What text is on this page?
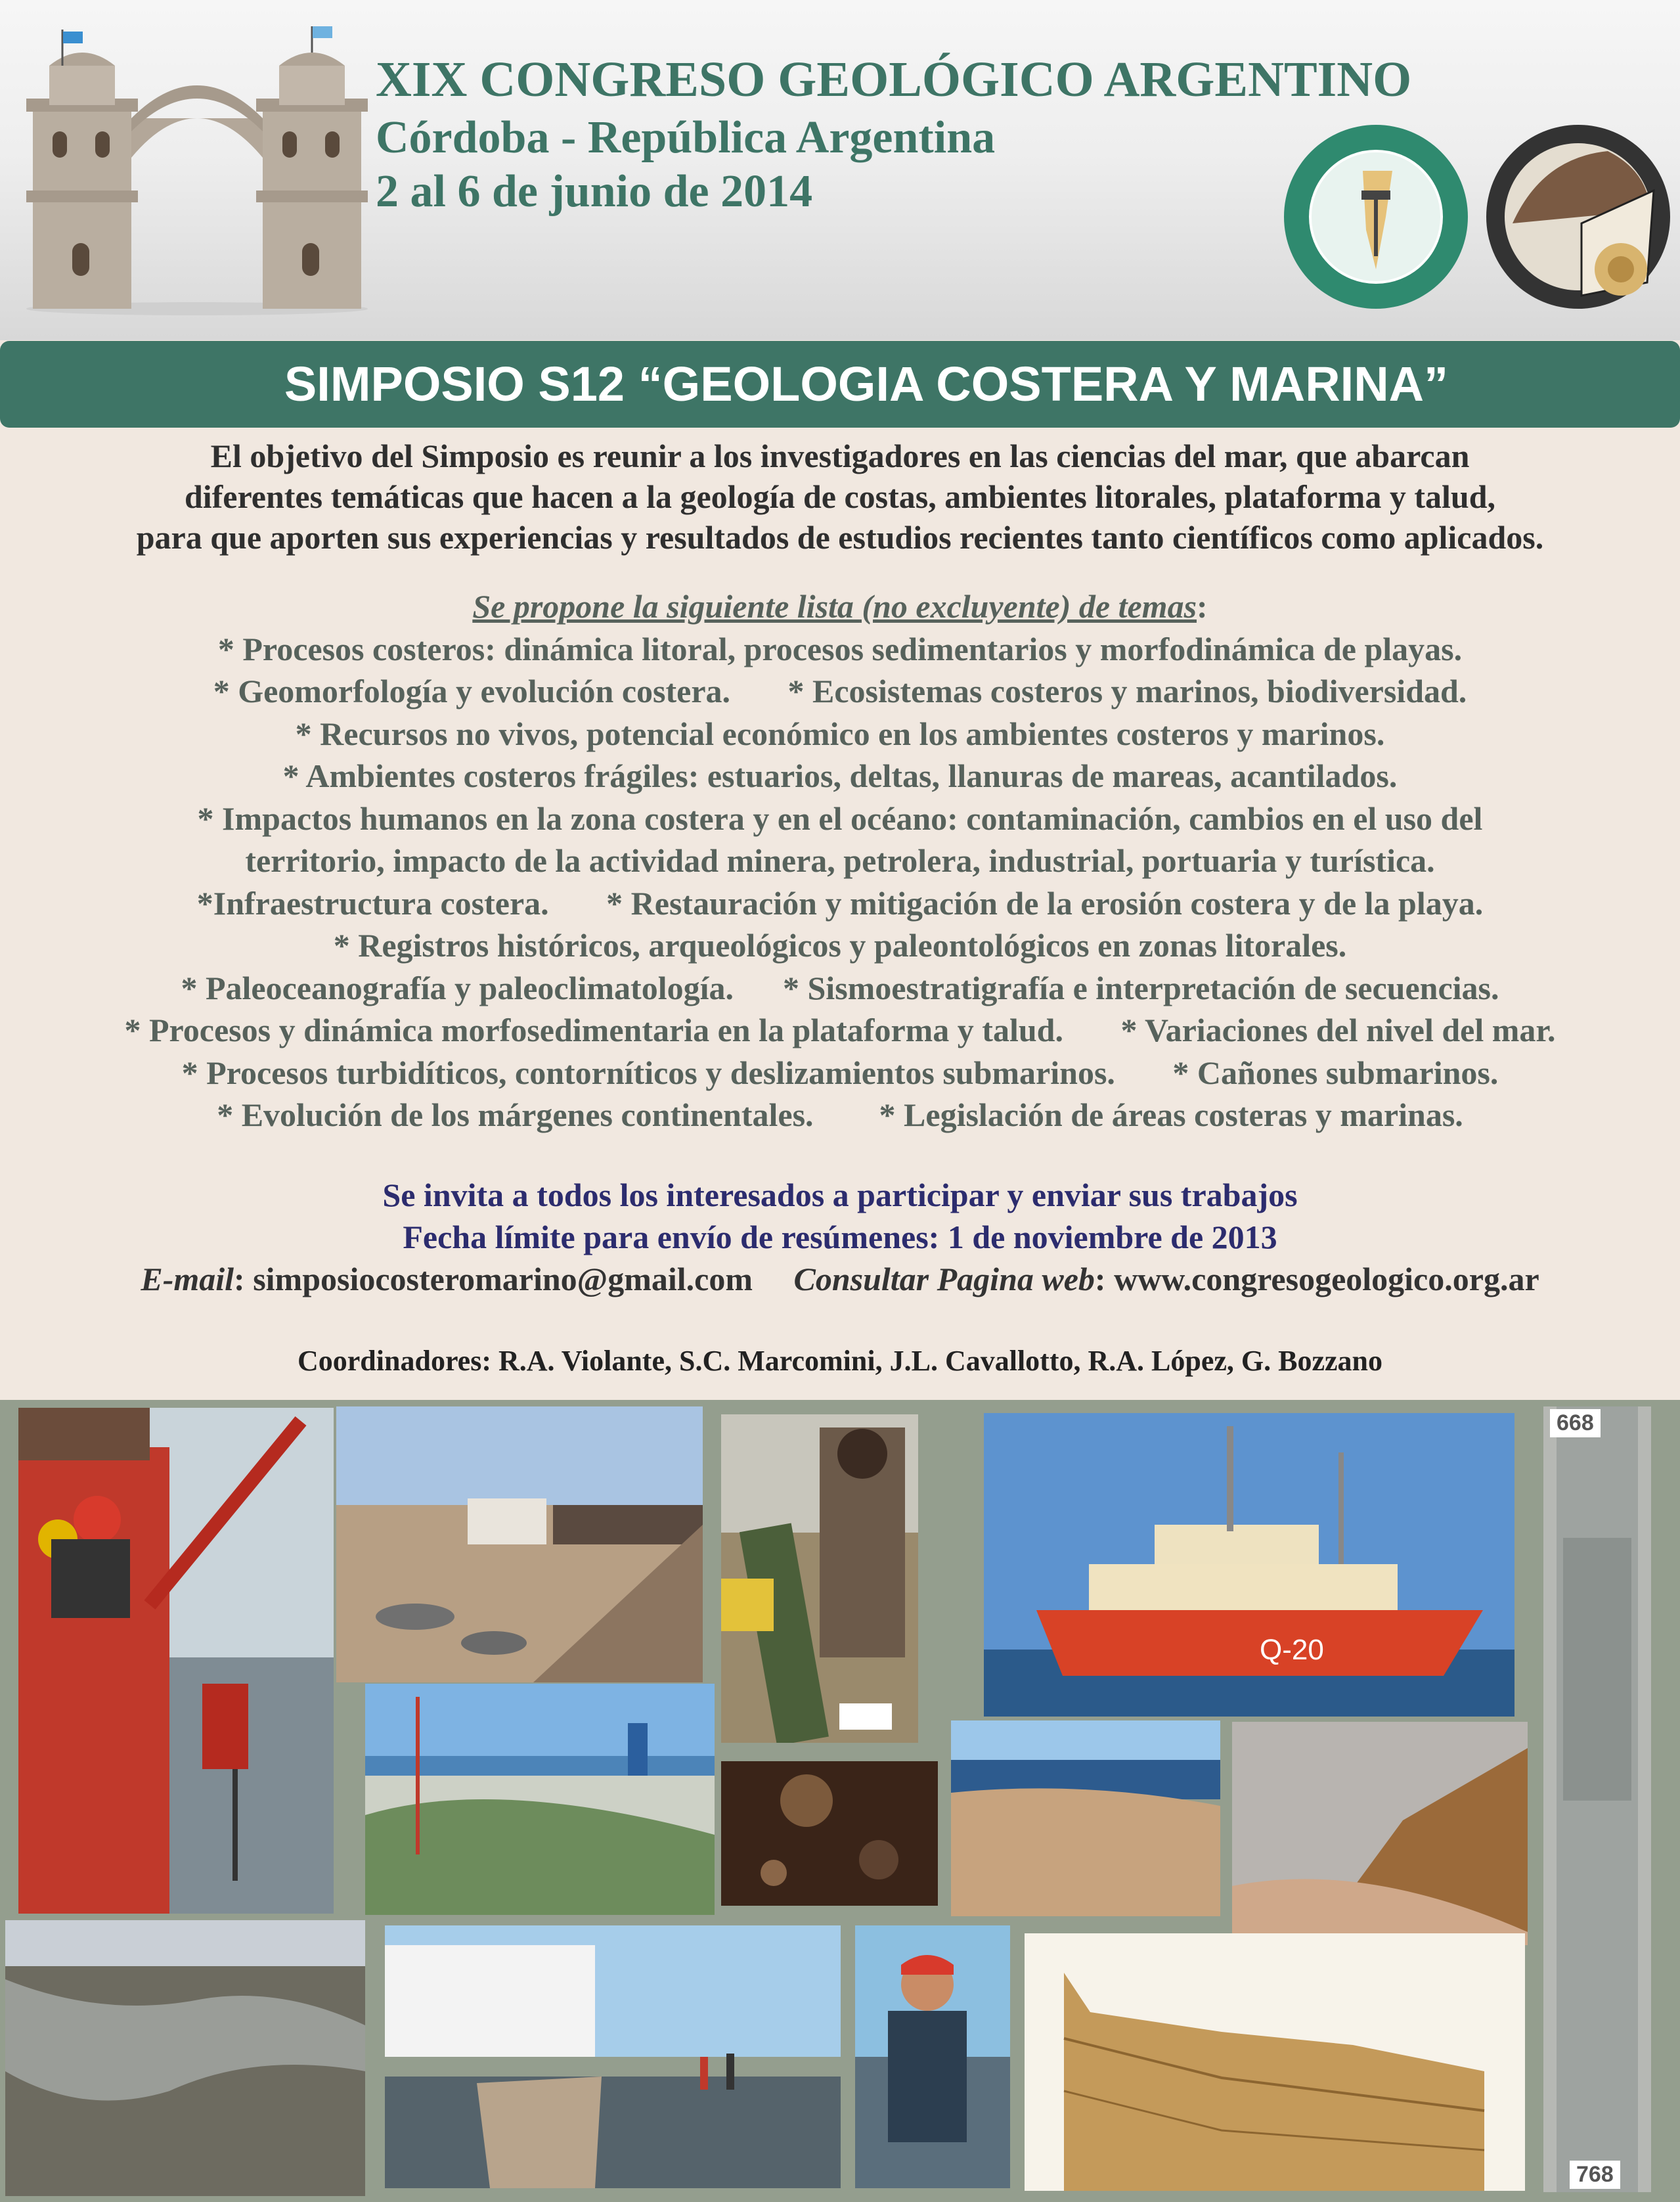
XIX CONGRESO GEOLÓGICO ARGENTINO
Córdoba - República Argentina
2 al 6 de junio de 2014
SIMPOSIO S12 “GEOLOGIA COSTERA Y MARINA”
El objetivo del Simposio es reunir a los investigadores en las ciencias del mar, que abarcan
diferentes temáticas que hacen a la geología de costas, ambientes litorales, plataforma y talud,
para que aporten sus experiencias y resultados de estudios recientes tanto científicos como aplicados.
Se propone la siguiente lista (no excluyente) de temas:
* Procesos costeros: dinámica litoral, procesos sedimentarios y morfodinámica de playas.
* Geomorfología y evolución costera.       * Ecosistemas costeros y marinos, biodiversidad.
* Recursos no vivos, potencial económico en los ambientes costeros y marinos.
* Ambientes costeros frágiles: estuarios, deltas, llanuras de mareas, acantilados.
* Impactos humanos en la zona costera y en el océano: contaminación, cambios en el uso del
territorio, impacto de la actividad minera, petrolera, industrial, portuaria y turística.
*Infraestructura costera.       * Restauración y mitigación de la erosión costera y de la playa.
* Registros históricos, arqueológicos y paleontológicos en zonas litorales.
* Paleoceanografía y paleoclimatología.      * Sismoestratigrafía e interpretación de secuencias.
* Procesos y dinámica morfosedimentaria en la plataforma y talud.       * Variaciones del nivel del mar.
* Procesos turbidíticos, contorníticos y deslizamientos submarinos.       * Cañones submarinos.
* Evolución de los márgenes continentales.        * Legislación de áreas costeras y marinas.
Se invita a todos los interesados a participar y enviar sus trabajos
Fecha límite para envío de resúmenes: 1 de noviembre de 2013
E-mail: simposiocosteromarino@gmail.com Consultar Pagina web: www.congresogeologico.org.ar
Coordinadores: R.A. Violante, S.C. Marcomini, J.L. Cavallotto, R.A. López, G. Bozzano
Q-20
668
768
